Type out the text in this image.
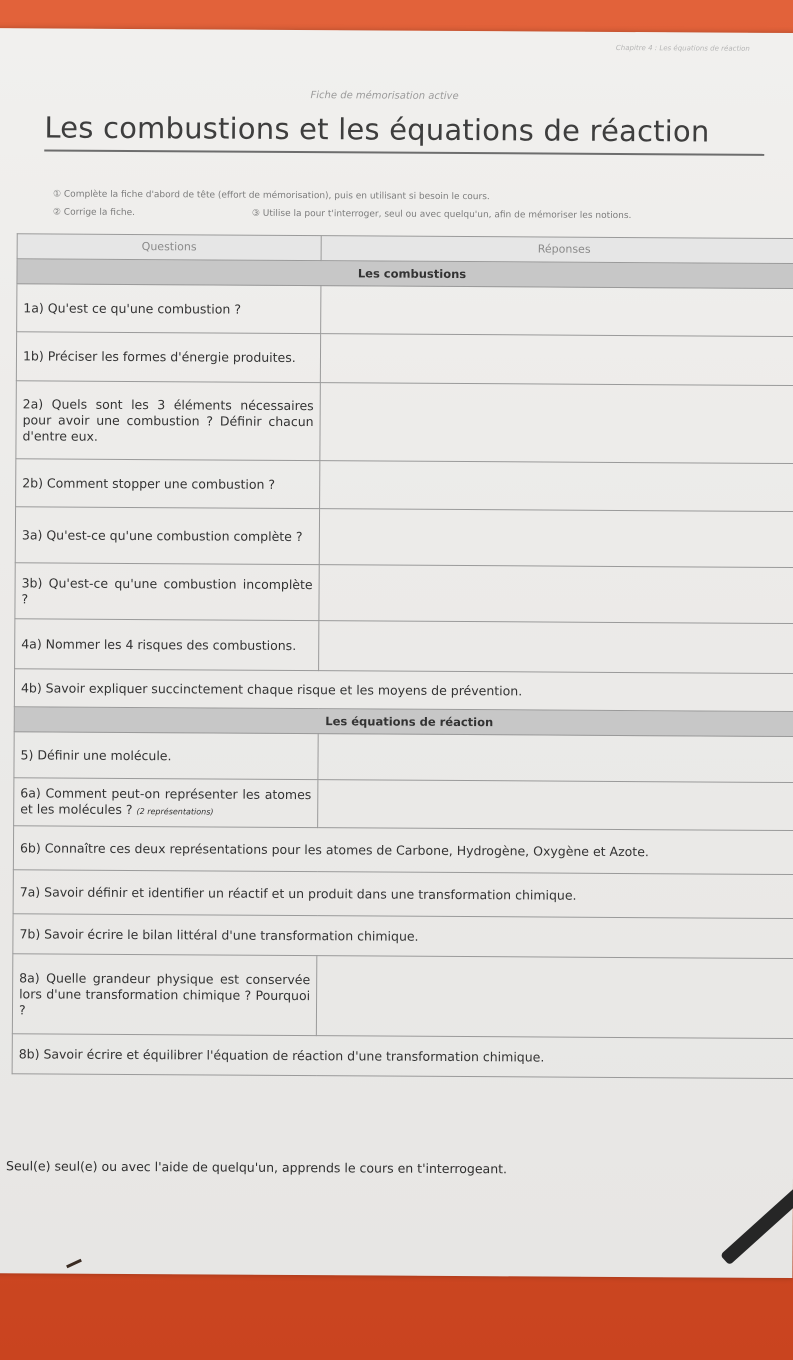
Chapitre 4 : Les équations de réaction
Fiche de mémorisation active
Les combustions et les équations de réaction
① Complète la fiche d'abord de tête (effort de mémorisation), puis en utilisant si besoin le cours.
② Corrige la fiche.	③ Utilise la pour t'interroger, seul ou avec quelqu'un, afin de mémoriser les notions.
Questions	Réponses
Les combustions	
1a) Qu'est ce qu'une combustion ?	
1b) Préciser les formes d'énergie produites.	
2a) Quels sont les 3 éléments nécessaires pour avoir une combustion ? Définir chacun d'entre eux.	
2b) Comment stopper une combustion ?	
3a) Qu'est-ce qu'une combustion complète ?	
3b) Qu'est-ce qu'une combustion incomplète ?	
4a) Nommer les 4 risques des combustions.	
4b) Savoir expliquer succinctement chaque risque et les moyens de prévention.	
Les équations de réaction	
5) Définir une molécule.	
6a) Comment peut-on représenter les atomes et les molécules ? (2 représentations)	
6b) Connaître ces deux représentations pour les atomes de Carbone, Hydrogène, Oxygène et Azote.	
7a) Savoir définir et identifier un réactif et un produit dans une transformation chimique.	
7b) Savoir écrire le bilan littéral d'une transformation chimique.	
8a) Quelle grandeur physique est conservée lors d'une transformation chimique ? Pourquoi ?	
8b) Savoir écrire et équilibrer l'équation de réaction d'une transformation chimique.	
Seul(e) seul(e) ou avec l'aide de quelqu'un, apprends le cours en t'interrogeant.
